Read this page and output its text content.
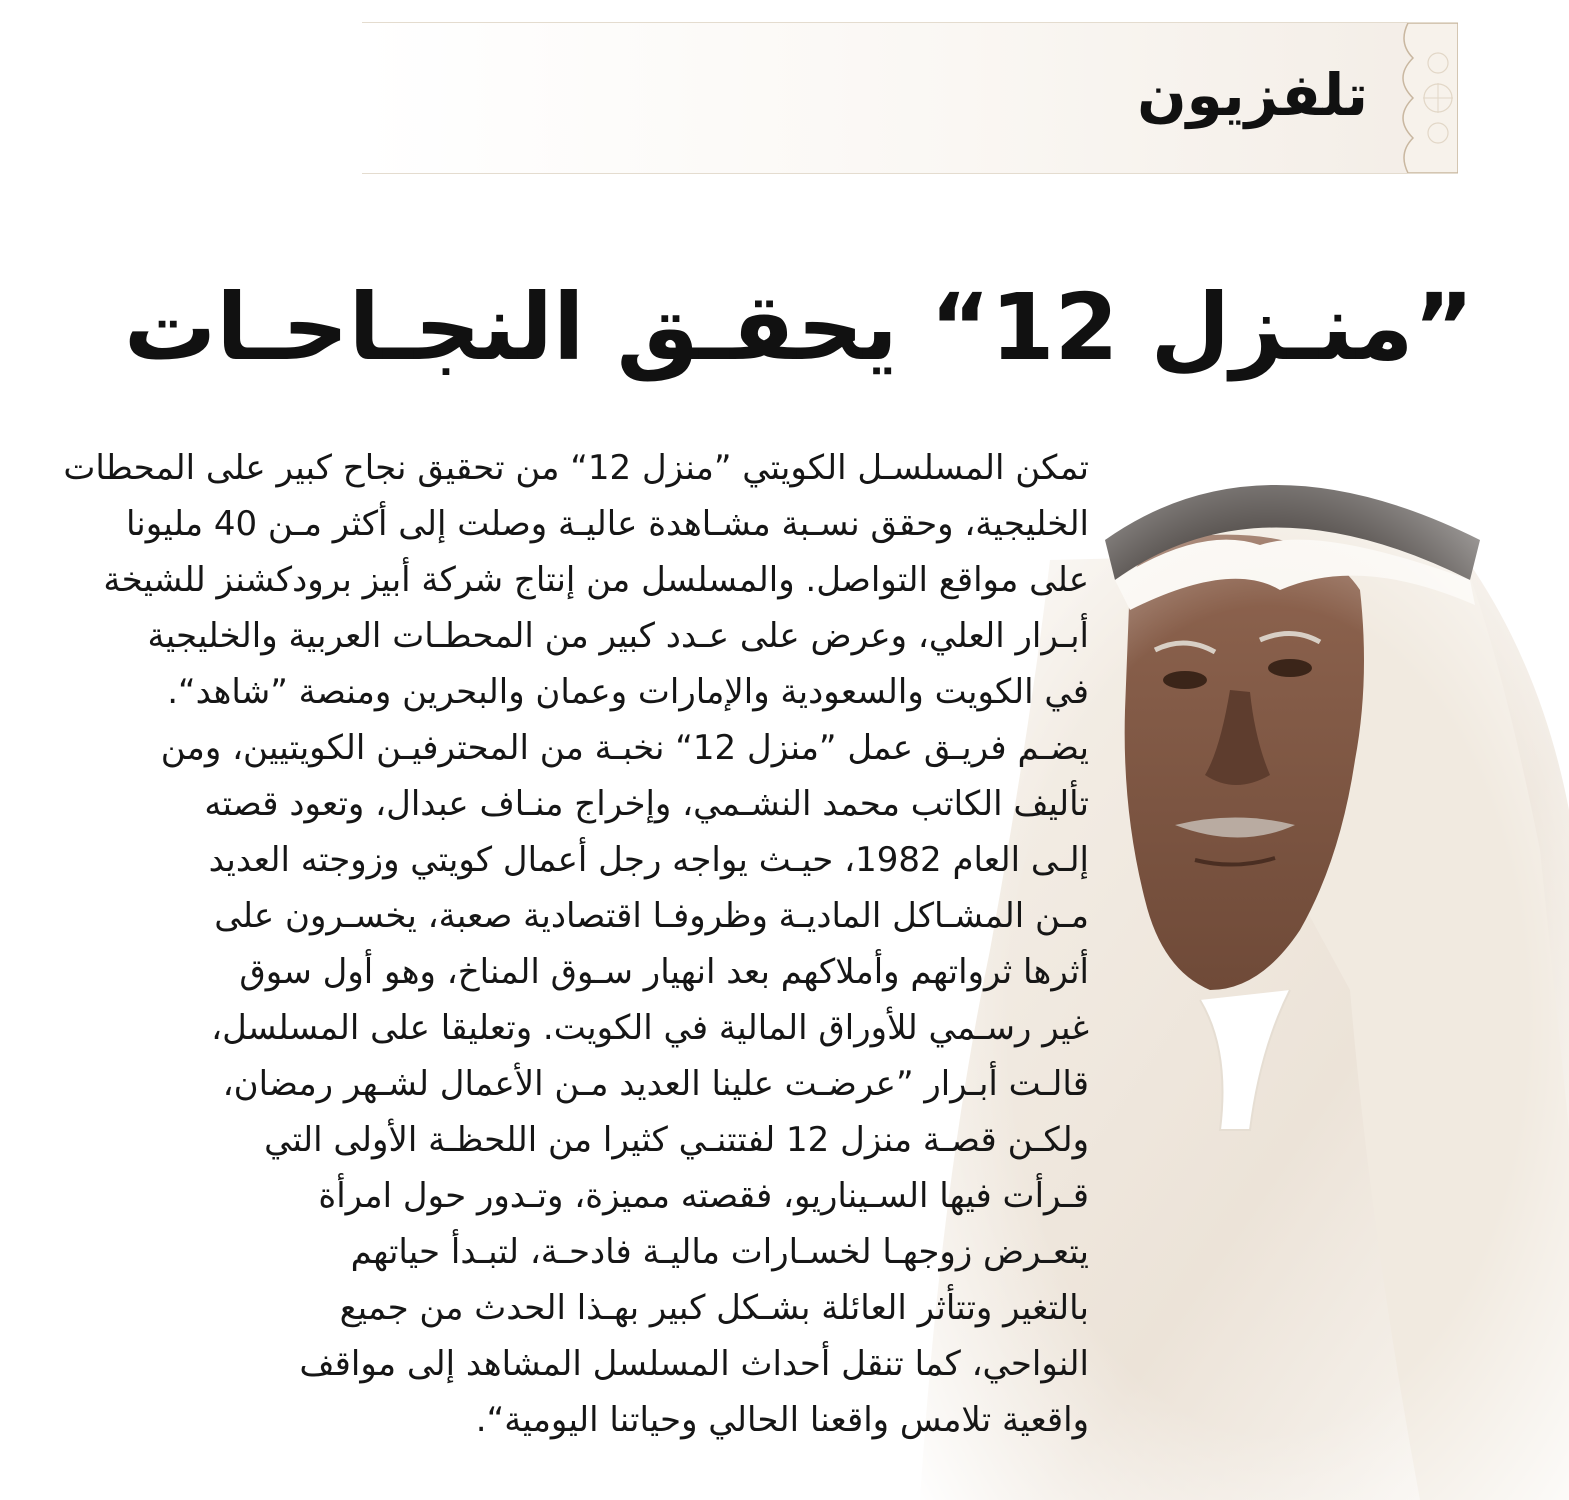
تلفزيون
”منـزل 12“ يحقـق النجـاحـات
تمكن المسلسـل الكويتي ”منزل 12“ من تحقيق نجاح كبير على المحطات
الخليجية، وحقق نسـبة مشـاهدة عاليـة وصلت إلى أكثر مـن 40 مليونا
على مواقع التواصل. والمسلسل من إنتاج شركة أبيز برودكشنز للشيخة
أبـرار العلي، وعرض على عـدد كبير من المحطـات العربية والخليجية
في الكويت والسعودية والإمارات وعمان والبحرين ومنصة ”شاهد“.
يضـم فريـق عمل ”منزل 12“ نخبـة من المحترفيـن الكويتيين، ومن
تأليف الكاتب محمد النشـمي، وإخراج منـاف عبدال، وتعود قصته
إلـى العام 1982، حيـث يواجه رجل أعمال كويتي وزوجته العديد
مـن المشـاكل الماديـة وظروفـا اقتصادية صعبة، يخسـرون على
أثرها ثرواتهم وأملاكهم بعد انهيار سـوق المناخ، وهو أول سوق
غير رسـمي للأوراق المالية في الكويت. وتعليقا على المسلسل،
قالـت أبـرار ”عرضـت علينا العديد مـن الأعمال لشـهر رمضان،
ولكـن قصـة منزل 12 لفتتنـي كثيرا من اللحظـة الأولى التي
قـرأت فيها السـيناريو، فقصته مميزة، وتـدور حول امرأة
يتعـرض زوجهـا لخسـارات ماليـة فادحـة، لتبـدأ حياتهم
بالتغير وتتأثر العائلة بشـكل كبير بهـذا الحدث من جميع
النواحي، كما تنقل أحداث المسلسل المشاهد إلى مواقف
واقعية تلامس واقعنا الحالي وحياتنا اليومية“.
